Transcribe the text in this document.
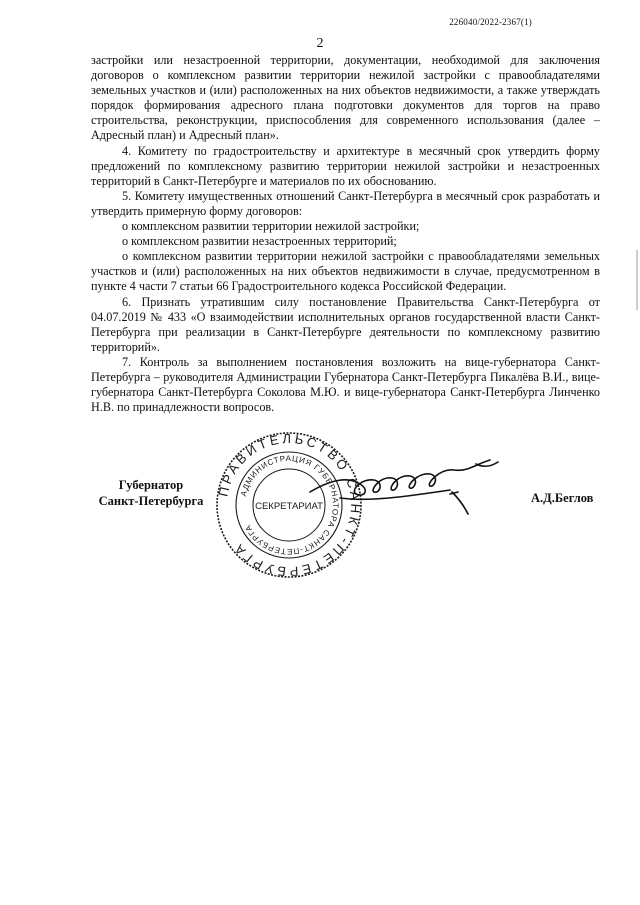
226040/2022-2367(1)
2

застройки или незастроенной территории, документации, необходимой для заключения договоров о комплексном развитии территории нежилой застройки с правообладателями земельных участков и (или) расположенных на них объектов недвижимости, а также утверждать порядок формирования адресного плана подготовки документов для торгов на право строительства, реконструкции, приспособления для современного использования (далее – Адресный план) и Адресный план».

4. Комитету по градостроительству и архитектуре в месячный срок утвердить форму предложений по комплексному развитию территории нежилой застройки и незастроенных территорий в Санкт-Петербурге и материалов по их обоснованию.

5. Комитету имущественных отношений Санкт-Петербурга в месячный срок разработать и утвердить примерную форму договоров:

о комплексном развитии территории нежилой застройки;

о комплексном развитии незастроенных территорий;

о комплексном развитии территории нежилой застройки с правообладателями земельных участков и (или) расположенных на них объектов недвижимости в случае, предусмотренном в пункте 4 части 7 статьи 66 Градостроительного кодекса Российской Федерации.

6. Признать утратившим силу постановление Правительства Санкт-Петербурга от 04.07.2019 № 433 «О взаимодействии исполнительных органов государственной власти Санкт-Петербурга при реализации в Санкт-Петербурге деятельности по комплексному развитию территорий».

7. Контроль за выполнением постановления возложить на вице-губернатора Санкт-Петербурга – руководителя Администрации Губернатора Санкт-Петербурга Пикалёва В.И., вице-губернатора Санкт-Петербурга Соколова М.Ю. и вице-губернатора Санкт-Петербурга Линченко Н.В. по принадлежности вопросов.

Губернатор
Санкт-Петербурга
ПРАВИТЕЛЬСТВО САНКТ-ПЕТЕРБУРГА
АДМИНИСТРАЦИЯ ГУБЕРНАТОРА САНКТ-ПЕТЕРБУРГА
СЕКРЕТАРИАТ
А.Д.Беглов
